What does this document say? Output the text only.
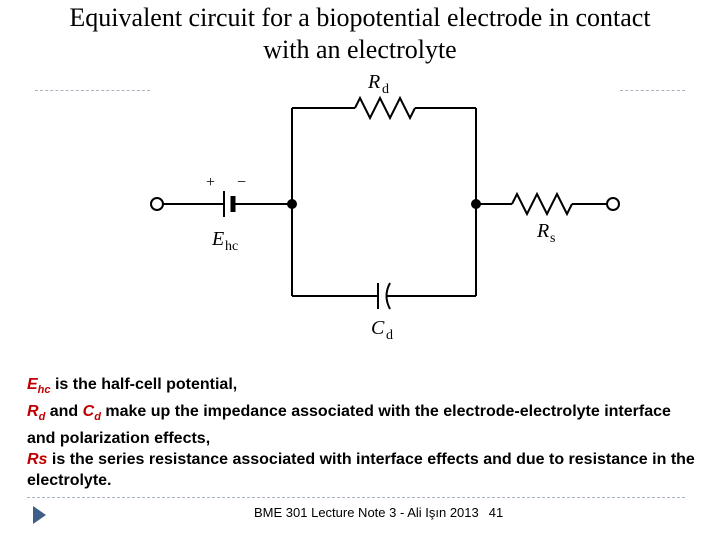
Equivalent circuit for a biopotential electrode in contact
with an electrolyte
+ −
R d
R s
E hc
C d
$E_{hc}$ is the half-cell potential,
$R_d$ and $C_d$ make up the impedance associated with the electrode-electrolyte interface and polarization effects,
Rs is the series resistance associated with interface effects and due to resistance in the electrolyte.
BME 301 Lecture Note 3 - Ali Işın 2013 41
